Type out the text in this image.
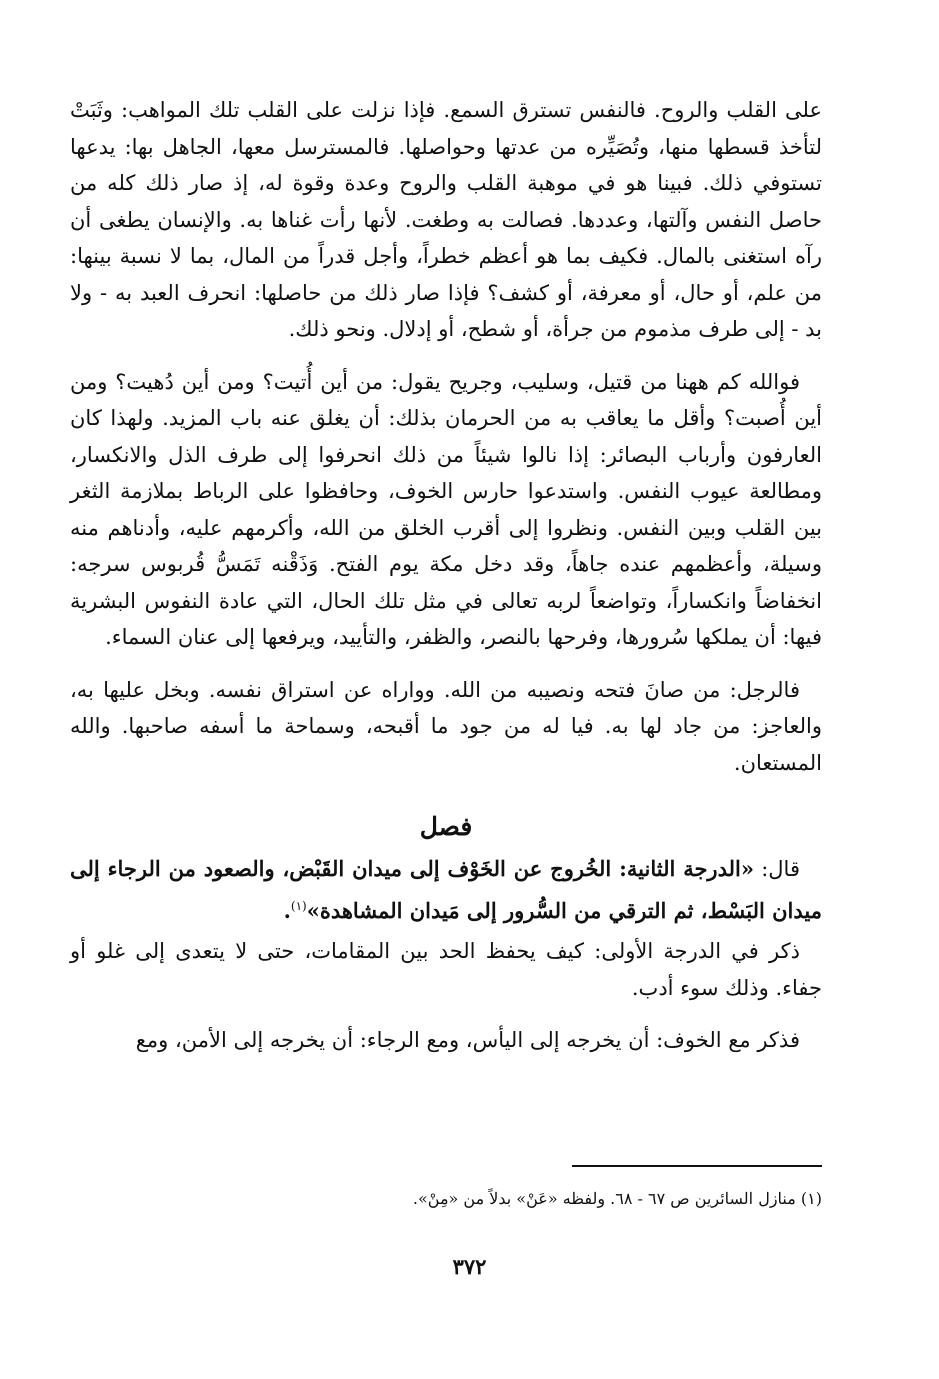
على القلب والروح. فالنفس تسترق السمع. فإذا نزلت على القلب تلك المواهب: وثَبَتْ لتأخذ قسطها منها، وتُصَيِّره من عدتها وحواصلها. فالمسترسل معها، الجاهل بها: يدعها تستوفي ذلك. فبينا هو في موهبة القلب والروح وعدة وقوة له، إذ صار ذلك كله من حاصل النفس وآلتها، وعددها. فصالت به وطغت. لأنها رأت غناها به. والإنسان يطغى أن رآه استغنى بالمال. فكيف بما هو أعظم خطراً، وأجل قدراً من المال، بما لا نسبة بينها: من علم، أو حال، أو معرفة، أو كشف؟ فإذا صار ذلك من حاصلها: انحرف العبد به - ولا بد - إلى طرف مذموم من جرأة، أو شطح، أو إدلال. ونحو ذلك.

فوالله كم ههنا من قتيل، وسليب، وجريح يقول: من أين أُتيت؟ ومن أين دُهيت؟ ومن أين أُصبت؟ وأقل ما يعاقب به من الحرمان بذلك: أن يغلق عنه باب المزيد. ولهذا كان العارفون وأرباب البصائر: إذا نالوا شيئاً من ذلك انحرفوا إلى طرف الذل والانكسار، ومطالعة عيوب النفس. واستدعوا حارس الخوف، وحافظوا على الرباط بملازمة الثغر بين القلب وبين النفس. ونظروا إلى أقرب الخلق من الله، وأكرمهم عليه، وأدناهم منه وسيلة، وأعظمهم عنده جاهاً، وقد دخل مكة يوم الفتح. وَذَقْنه تَمَسُّ قُربوس سرجه: انخفاضاً وانكساراً، وتواضعاً لربه تعالى في مثل تلك الحال، التي عادة النفوس البشرية فيها: أن يملكها سُرورها، وفرحها بالنصر، والظفر، والتأييد، ويرفعها إلى عنان السماء.

فالرجل: من صانَ فتحه ونصيبه من الله. وواراه عن استراق نفسه. وبخل عليها به، والعاجز: من جاد لها به. فيا له من جود ما أقبحه، وسماحة ما أسفه صاحبها. والله المستعان.

فصل

قال: «الدرجة الثانية: الخُروج عن الخَوْف إلى ميدان القَبْض، والصعود من الرجاء إلى ميدان البَسْط، ثم الترقي من السُّرور إلى مَيدان المشاهدة»$^{(١)}$.

ذكر في الدرجة الأولى: كيف يحفظ الحد بين المقامات، حتى لا يتعدى إلى غلو أو جفاء. وذلك سوء أدب.

فذكر مع الخوف: أن يخرجه إلى اليأس، ومع الرجاء: أن يخرجه إلى الأمن، ومع

(١) منازل السائرين ص ٦٧ - ٦٨. ولفظه «عَنْ» بدلاً من «مِنْ».
٣٧٢
